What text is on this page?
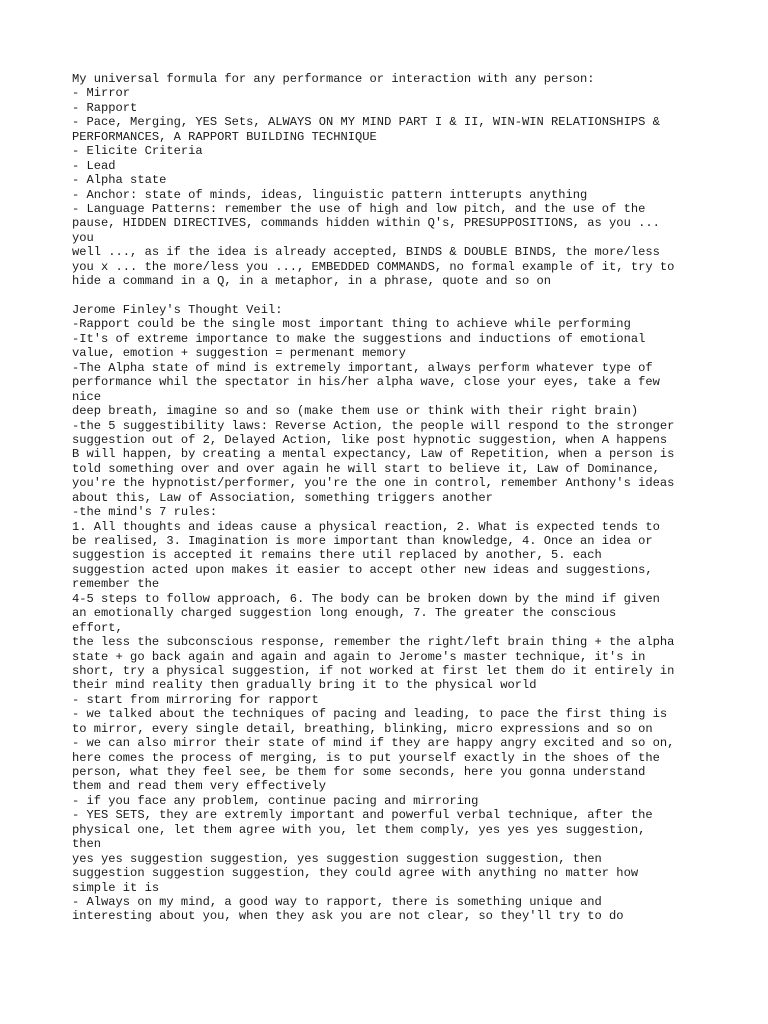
My universal formula for any performance or interaction with any person:
- Mirror
- Rapport
- Pace, Merging, YES Sets, ALWAYS ON MY MIND PART I & II, WIN-WIN RELATIONSHIPS &
PERFORMANCES, A RAPPORT BUILDING TECHNIQUE
- Elicite Criteria
- Lead
- Alpha state
- Anchor: state of minds, ideas, linguistic pattern intterupts anything
- Language Patterns: remember the use of high and low pitch, and the use of the
pause, HIDDEN DIRECTIVES, commands hidden within Q's, PRESUPPOSITIONS, as you ...
you
well ..., as if the idea is already accepted, BINDS & DOUBLE BINDS, the more/less
you x ... the more/less you ..., EMBEDDED COMMANDS, no formal example of it, try to
hide a command in a Q, in a metaphor, in a phrase, quote and so on
Jerome Finley's Thought Veil:
-Rapport could be the single most important thing to achieve while performing
-It's of extreme importance to make the suggestions and inductions of emotional
value, emotion + suggestion = permenant memory
-The Alpha state of mind is extremely important, always perform whatever type of
performance whil the spectator in his/her alpha wave, close your eyes, take a few
nice
deep breath, imagine so and so (make them use or think with their right brain)
-the 5 suggestibility laws: Reverse Action, the people will respond to the stronger
suggestion out of 2, Delayed Action, like post hypnotic suggestion, when A happens
B will happen, by creating a mental expectancy, Law of Repetition, when a person is
told something over and over again he will start to believe it, Law of Dominance,
you're the hypnotist/performer, you're the one in control, remember Anthony's ideas
about this, Law of Association, something triggers another
-the mind's 7 rules:
1. All thoughts and ideas cause a physical reaction, 2. What is expected tends to
be realised, 3. Imagination is more important than knowledge, 4. Once an idea or
suggestion is accepted it remains there util replaced by another, 5. each
suggestion acted upon makes it easier to accept other new ideas and suggestions,
remember the
4-5 steps to follow approach, 6. The body can be broken down by the mind if given
an emotionally charged suggestion long enough, 7. The greater the conscious
effort,
the less the subconscious response, remember the right/left brain thing + the alpha
state + go back again and again and again to Jerome's master technique, it's in
short, try a physical suggestion, if not worked at first let them do it entirely in
their mind reality then gradually bring it to the physical world
- start from mirroring for rapport
- we talked about the techniques of pacing and leading, to pace the first thing is
to mirror, every single detail, breathing, blinking, micro expressions and so on
- we can also mirror their state of mind if they are happy angry excited and so on,
here comes the process of merging, is to put yourself exactly in the shoes of the
person, what they feel see, be them for some seconds, here you gonna understand
them and read them very effectively
- if you face any problem, continue pacing and mirroring
- YES SETS, they are extremly important and powerful verbal technique, after the
physical one, let them agree with you, let them comply, yes yes yes suggestion,
then
yes yes suggestion suggestion, yes suggestion suggestion suggestion, then
suggestion suggestion suggestion, they could agree with anything no matter how
simple it is
- Always on my mind, a good way to rapport, there is something unique and
interesting about you, when they ask you are not clear, so they'll try to do
